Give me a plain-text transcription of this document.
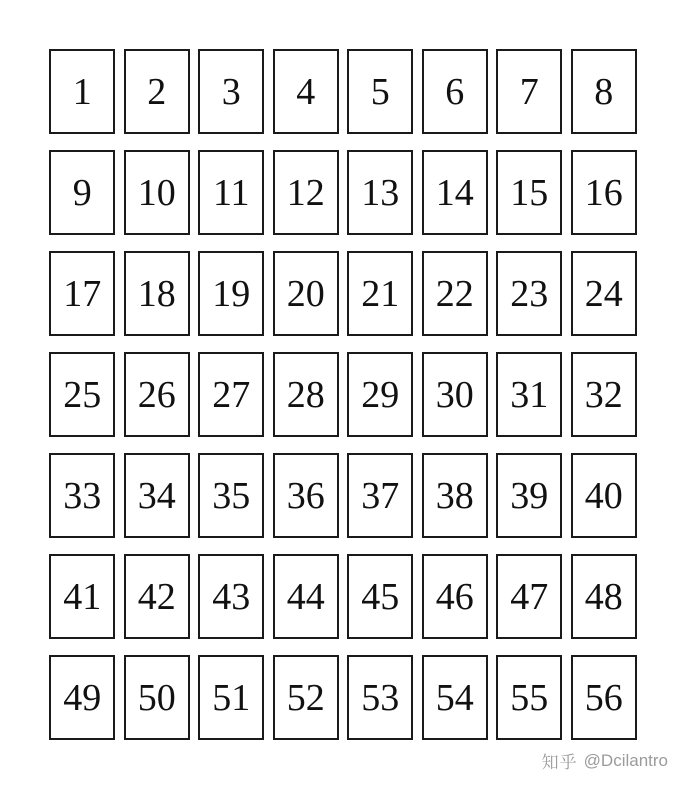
1	2	3	4	5	6	7	8
9	10 11 12 13 14 15 16
17 18 19 20 21 22 23 24
25 26 27 28 29 30 31 32
33 34 35 36 37 38 39 40
41 42 43 44 45 46 47 48
49 50 51 52 53 54 55 56
知乎 @Dcilantro
